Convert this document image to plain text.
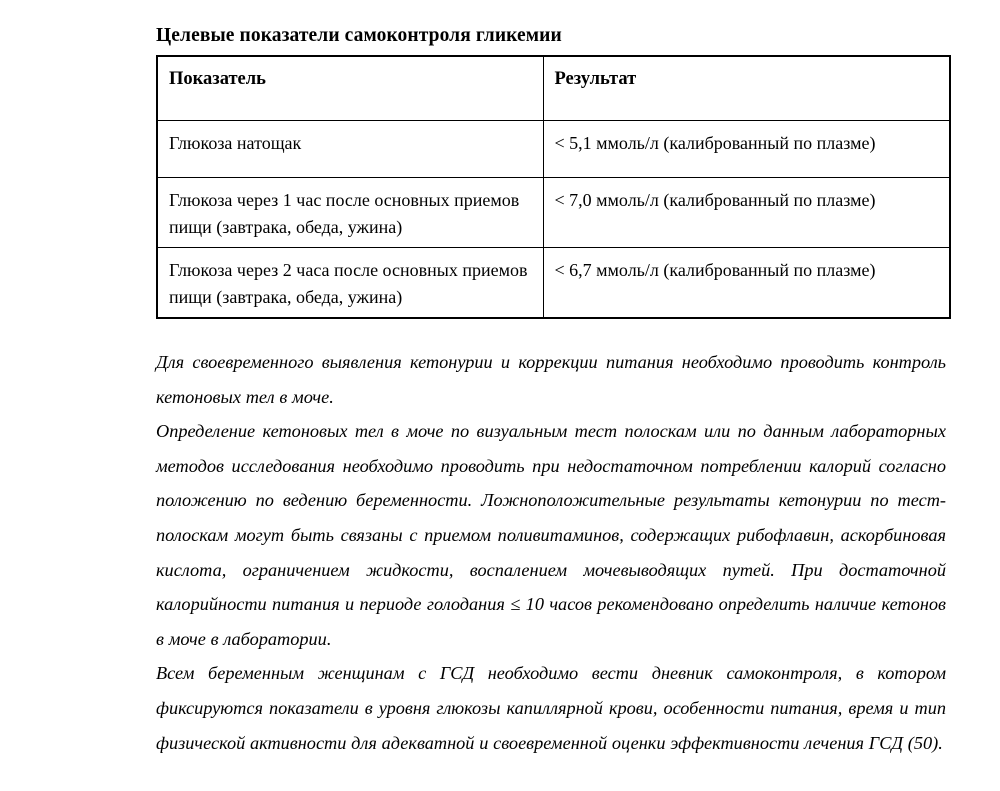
Целевые показатели самоконтроля гликемии
Показатель	Результат
Глюкоза натощак	< 5,1 ммоль/л (калиброванный по плазме)
Глюкоза через 1 час после основных приемов пищи (завтрака, обеда, ужина)	< 7,0 ммоль/л (калиброванный по плазме)
Глюкоза через 2 часа после основных приемов пищи (завтрака, обеда, ужина)	< 6,7 ммоль/л (калиброванный по плазме)

Для своевременного выявления кетонурии и коррекции питания необходимо проводить контроль кетоновых тел в моче.

Определение кетоновых тел в моче по визуальным тест полоскам или по данным лабораторных методов исследования необходимо проводить при недостаточном потреблении калорий согласно положению по ведению беременности. Ложноположительные результаты кетонурии по тест-полоскам могут быть связаны с приемом поливитаминов, содержащих рибофлавин, аскорбиновая кислота, ограничением жидкости, воспалением мочевыводящих путей. При достаточной калорийности питания и периоде голодания ≤ 10 часов рекомендовано определить наличие кетонов в моче в лаборатории.

Всем беременным женщинам с ГСД необходимо вести дневник самоконтроля, в котором фиксируются показатели в уровня глюкозы капиллярной крови, особенности питания, время и тип физической активности для адекватной и своевременной оценки эффективности лечения ГСД (50).
